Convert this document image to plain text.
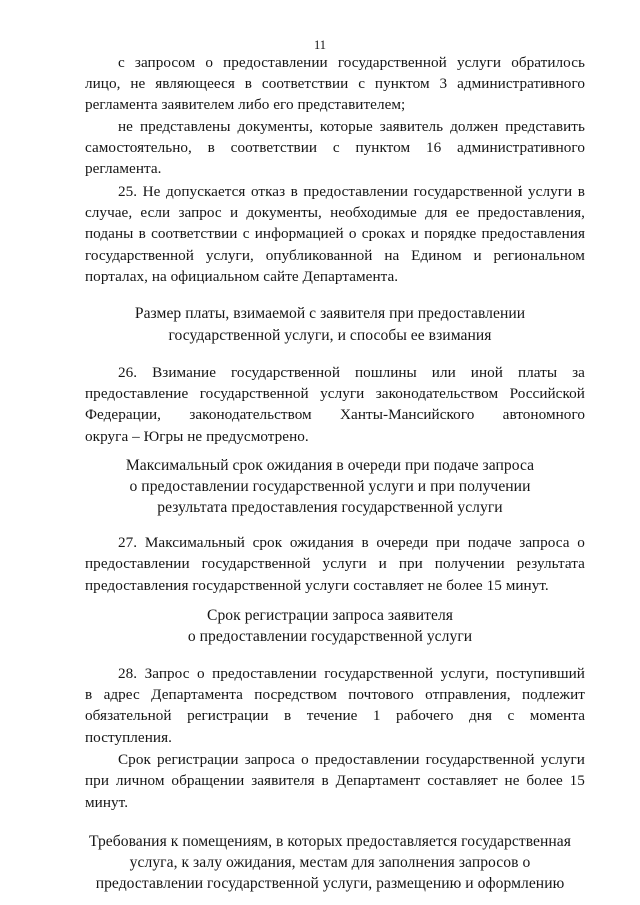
11
с запросом о предоставлении государственной услуги обратилось
лицо, не являющееся в соответствии с пунктом 3 административного
регламента заявителем либо его представителем;
не представлены документы, которые заявитель должен представить
самостоятельно, в соответствии с пунктом 16 административного
регламента.
25. Не допускается отказ в предоставлении государственной услуги в
случае, если запрос и документы, необходимые для ее предоставления,
поданы в соответствии с информацией о сроках и порядке предоставления
государственной услуги, опубликованной на Едином и региональном
порталах, на официальном сайте Департамента.
Размер платы, взимаемой с заявителя при предоставлении
государственной услуги, и способы ее взимания
26. Взимание государственной пошлины или иной платы за
предоставление государственной услуги законодательством Российской
Федерации, законодательством Ханты-Мансийского автономного
округа – Югры не предусмотрено.
Максимальный срок ожидания в очереди при подаче запроса
о предоставлении государственной услуги и при получении
результата предоставления государственной услуги
27. Максимальный срок ожидания в очереди при подаче запроса о
предоставлении государственной услуги и при получении результата
предоставления государственной услуги составляет не более 15 минут.
Срок регистрации запроса заявителя
о предоставлении государственной услуги
28. Запрос о предоставлении государственной услуги, поступивший
в адрес Департамента посредством почтового отправления, подлежит
обязательной регистрации в течение 1 рабочего дня с момента
поступления.
Срок регистрации запроса о предоставлении государственной услуги
при личном обращении заявителя в Департамент составляет не более 15
минут.
Требования к помещениям, в которых предоставляется государственная
услуга, к залу ожидания, местам для заполнения запросов о
предоставлении государственной услуги, размещению и оформлению
